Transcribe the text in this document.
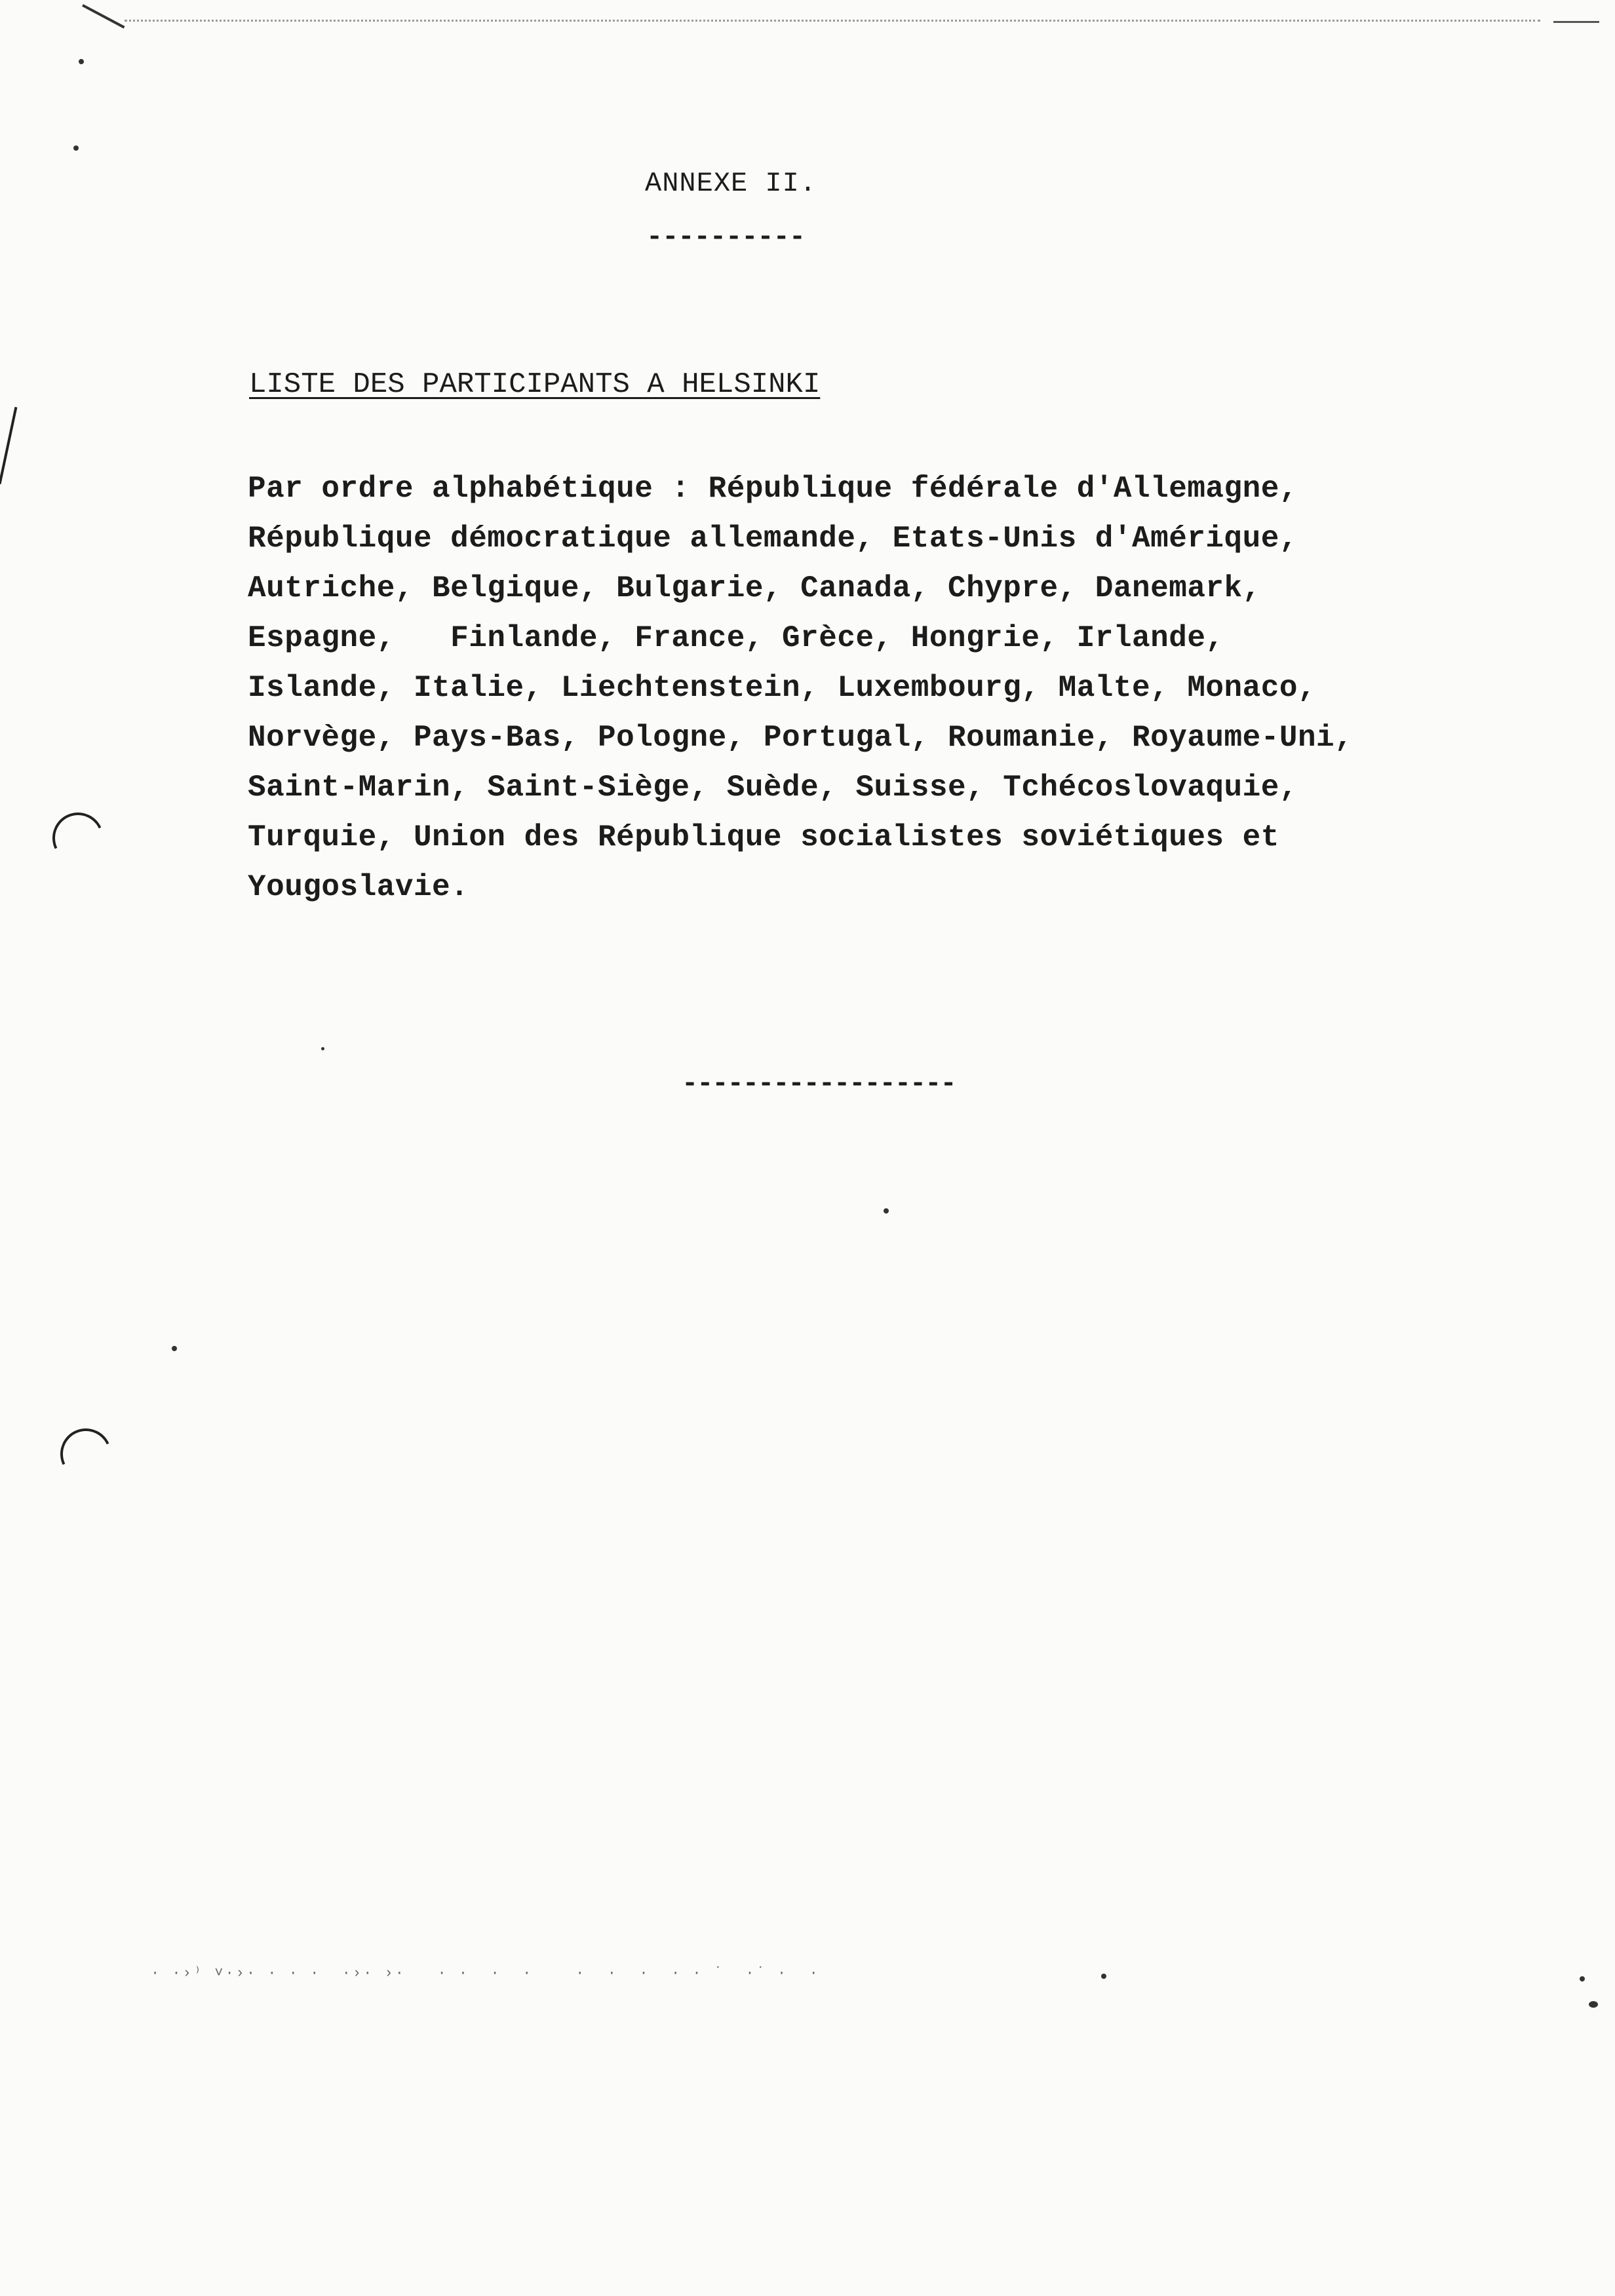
ANNEXE II.
----------
LISTE DES PARTICIPANTS A HELSINKI
Par ordre alphabétique : République fédérale d'Allemagne,
République démocratique allemande, Etats-Unis d'Amérique,
Autriche, Belgique, Bulgarie, Canada, Chypre, Danemark,
Espagne,   Finlande, France, Grèce, Hongrie, Irlande,
Islande, Italie, Liechtenstein, Luxembourg, Malte, Monaco,
Norvège, Pays-Bas, Pologne, Portugal, Roumanie, Royaume-Uni,
Saint-Marin, Saint-Siège, Suède, Suisse, Tchécoslovaquie,
Turquie, Union des République socialistes soviétiques et
Yougoslavie.
------------------
· ·›⁾ ˅·›· · · ·  ·›· ›·   · ·  ·  ·    ·  ·  ·  · · ˙  ·˙ ·  ·
